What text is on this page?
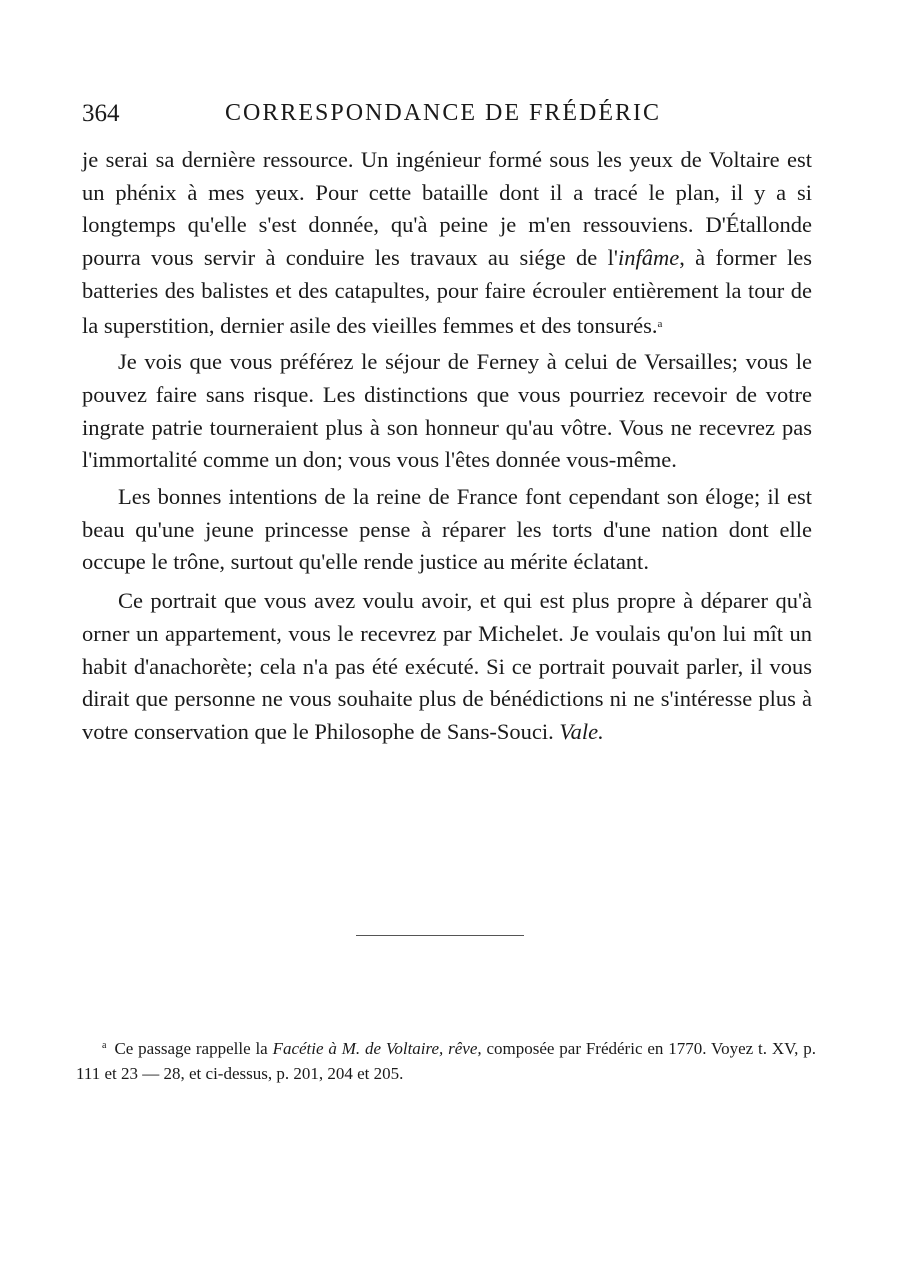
364	CORRESPONDANCE DE FRÉDÉRIC

je serai sa dernière ressource. Un ingénieur formé sous les yeux de Voltaire est un phénix à mes yeux. Pour cette bataille dont il a tracé le plan, il y a si longtemps qu'elle s'est donnée, qu'à peine je m'en ressouviens. D'Étallonde pourra vous servir à conduire les travaux au siége de l'infâme, à former les batteries des balistes et des catapultes, pour faire écrouler entièrement la tour de la superstition, dernier asile des vieilles femmes et des tonsurés.$^a$

Je vois que vous préférez le séjour de Ferney à celui de Versailles; vous le pouvez faire sans risque. Les distinctions que vous pourriez recevoir de votre ingrate patrie tourneraient plus à son honneur qu'au vôtre. Vous ne recevrez pas l'immortalité comme un don; vous vous l'êtes donnée vous-même.

Les bonnes intentions de la reine de France font cependant son éloge; il est beau qu'une jeune princesse pense à réparer les torts d'une nation dont elle occupe le trône, surtout qu'elle rende justice au mérite éclatant.

Ce portrait que vous avez voulu avoir, et qui est plus propre à déparer qu'à orner un appartement, vous le recevrez par Michelet. Je voulais qu'on lui mît un habit d'anachorète; cela n'a pas été exécuté. Si ce portrait pouvait parler, il vous dirait que personne ne vous souhaite plus de bénédictions ni ne s'intéresse plus à votre conservation que le Philosophe de Sans-Souci. Vale.

$^a$ Ce passage rappelle la Facétie à M. de Voltaire, rêve, composée par Frédéric en 1770. Voyez t. XV, p. 111 et 23 — 28, et ci-dessus, p. 201, 204 et 205.
